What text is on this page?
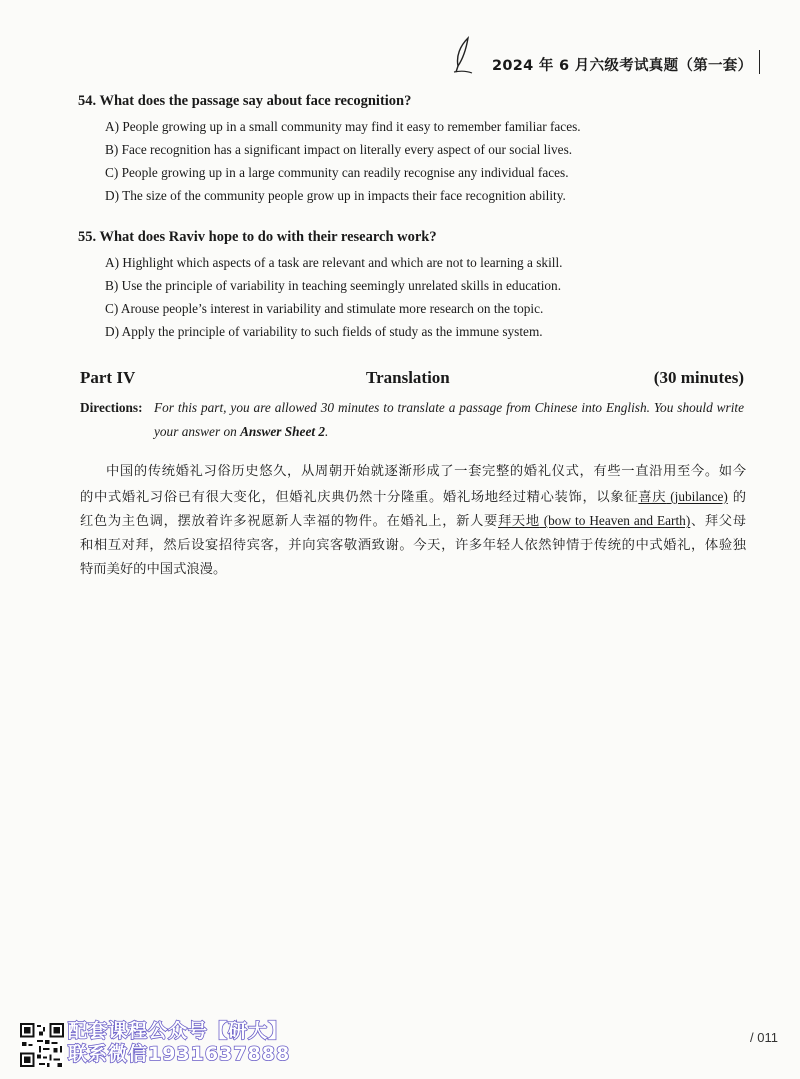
2024 年 6 月六级考试真题（第一套）

54. What does the passage say about face recognition?

A) People growing up in a small community may find it easy to remember familiar faces.

B) Face recognition has a significant impact on literally every aspect of our social lives.

C) People growing up in a large community can readily recognise any individual faces.

D) The size of the community people grow up in impacts their face recognition ability.

55. What does Raviv hope to do with their research work?

A) Highlight which aspects of a task are relevant and which are not to learning a skill.

B) Use the principle of variability in teaching seemingly unrelated skills in education.

C) Arouse people’s interest in variability and stimulate more research on the topic.

D) Apply the principle of variability to such fields of study as the immune system.

Part IV	Translation	(30 minutes)
Directions: For this part, you are allowed 30 minutes to translate a passage from Chinese into English. You should write your answer on Answer Sheet 2.
中国的传统婚礼习俗历史悠久，从周朝开始就逐渐形成了一套完整的婚礼仪式，有些一直沿用至今。如今
的中式婚礼习俗已有很大变化，但婚礼庆典仍然十分隆重。婚礼场地经过精心装饰，以象征喜庆 (jubilance) 的
红色为主色调，摆放着许多祝愿新人幸福的物件。在婚礼上，新人要拜天地 (bow to Heaven and Earth)、拜父母
和相互对拜，然后设宴招待宾客，并向宾客敬酒致谢。今天，许多年轻人依然钟情于传统的中式婚礼，体验独
特而美好的中国式浪漫。
配套课程公众号【研大】
联系微信1931637888
/ 011
